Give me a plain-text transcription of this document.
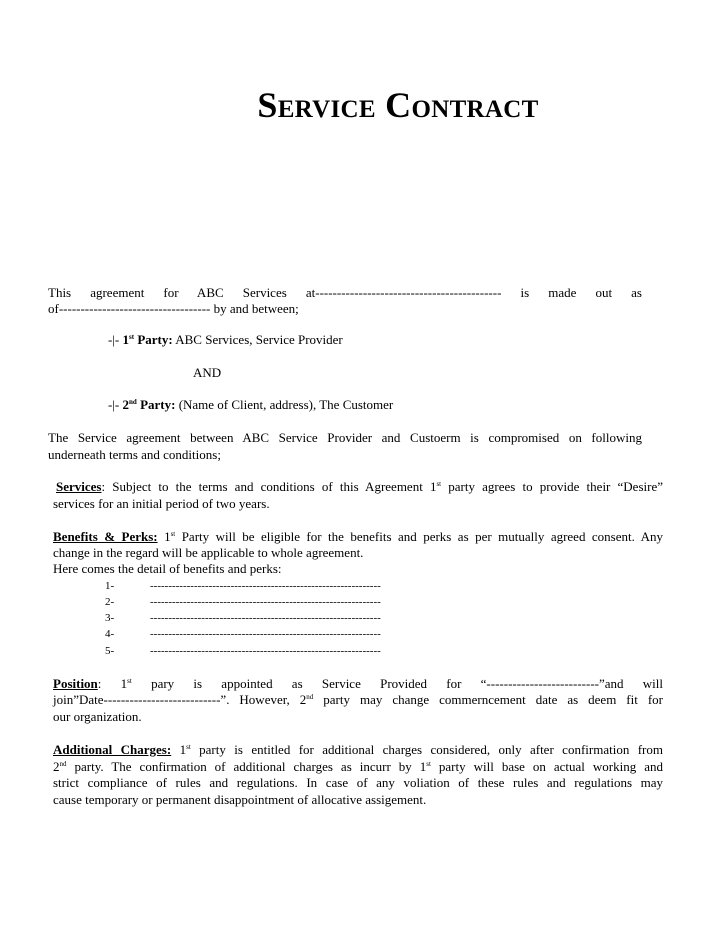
Service Contract
This agreement for ABC Services at------------------------------------------- is made out as
of----------------------------------- by and between;
-|- 1st Party: ABC Services, Service Provider
AND
-|- 2nd Party: (Name of Client, address), The Customer
The Service agreement between ABC Service Provider and Custoerm is compromised on following
underneath terms and conditions;
Services: Subject to the terms and conditions of this Agreement 1st party agrees to provide their “Desire”
services for an initial period of two years.
Benefits & Perks: 1st Party will be eligible for the benefits and perks as per mutually agreed consent. Any
change in the regard will be applicable to whole agreement.
Here comes the detail of benefits and perks:
1-	---------------------------------------------------------------
2-	---------------------------------------------------------------
3-	---------------------------------------------------------------
4-	---------------------------------------------------------------
5-	---------------------------------------------------------------
Position: 1st pary is appointed as Service Provided for “--------------------------”and will
join”Date---------------------------”. However, 2nd party may change commerncement date as deem fit for
our organization.
Additional Charges: 1st party is entitled for additional charges considered, only after confirmation from
2nd party. The confirmation of additional charges as incurr by 1st party will base on actual working and
strict compliance of rules and regulations. In case of any voliation of these rules and regulations may
cause temporary or permanent disappointment of allocative assigement.
